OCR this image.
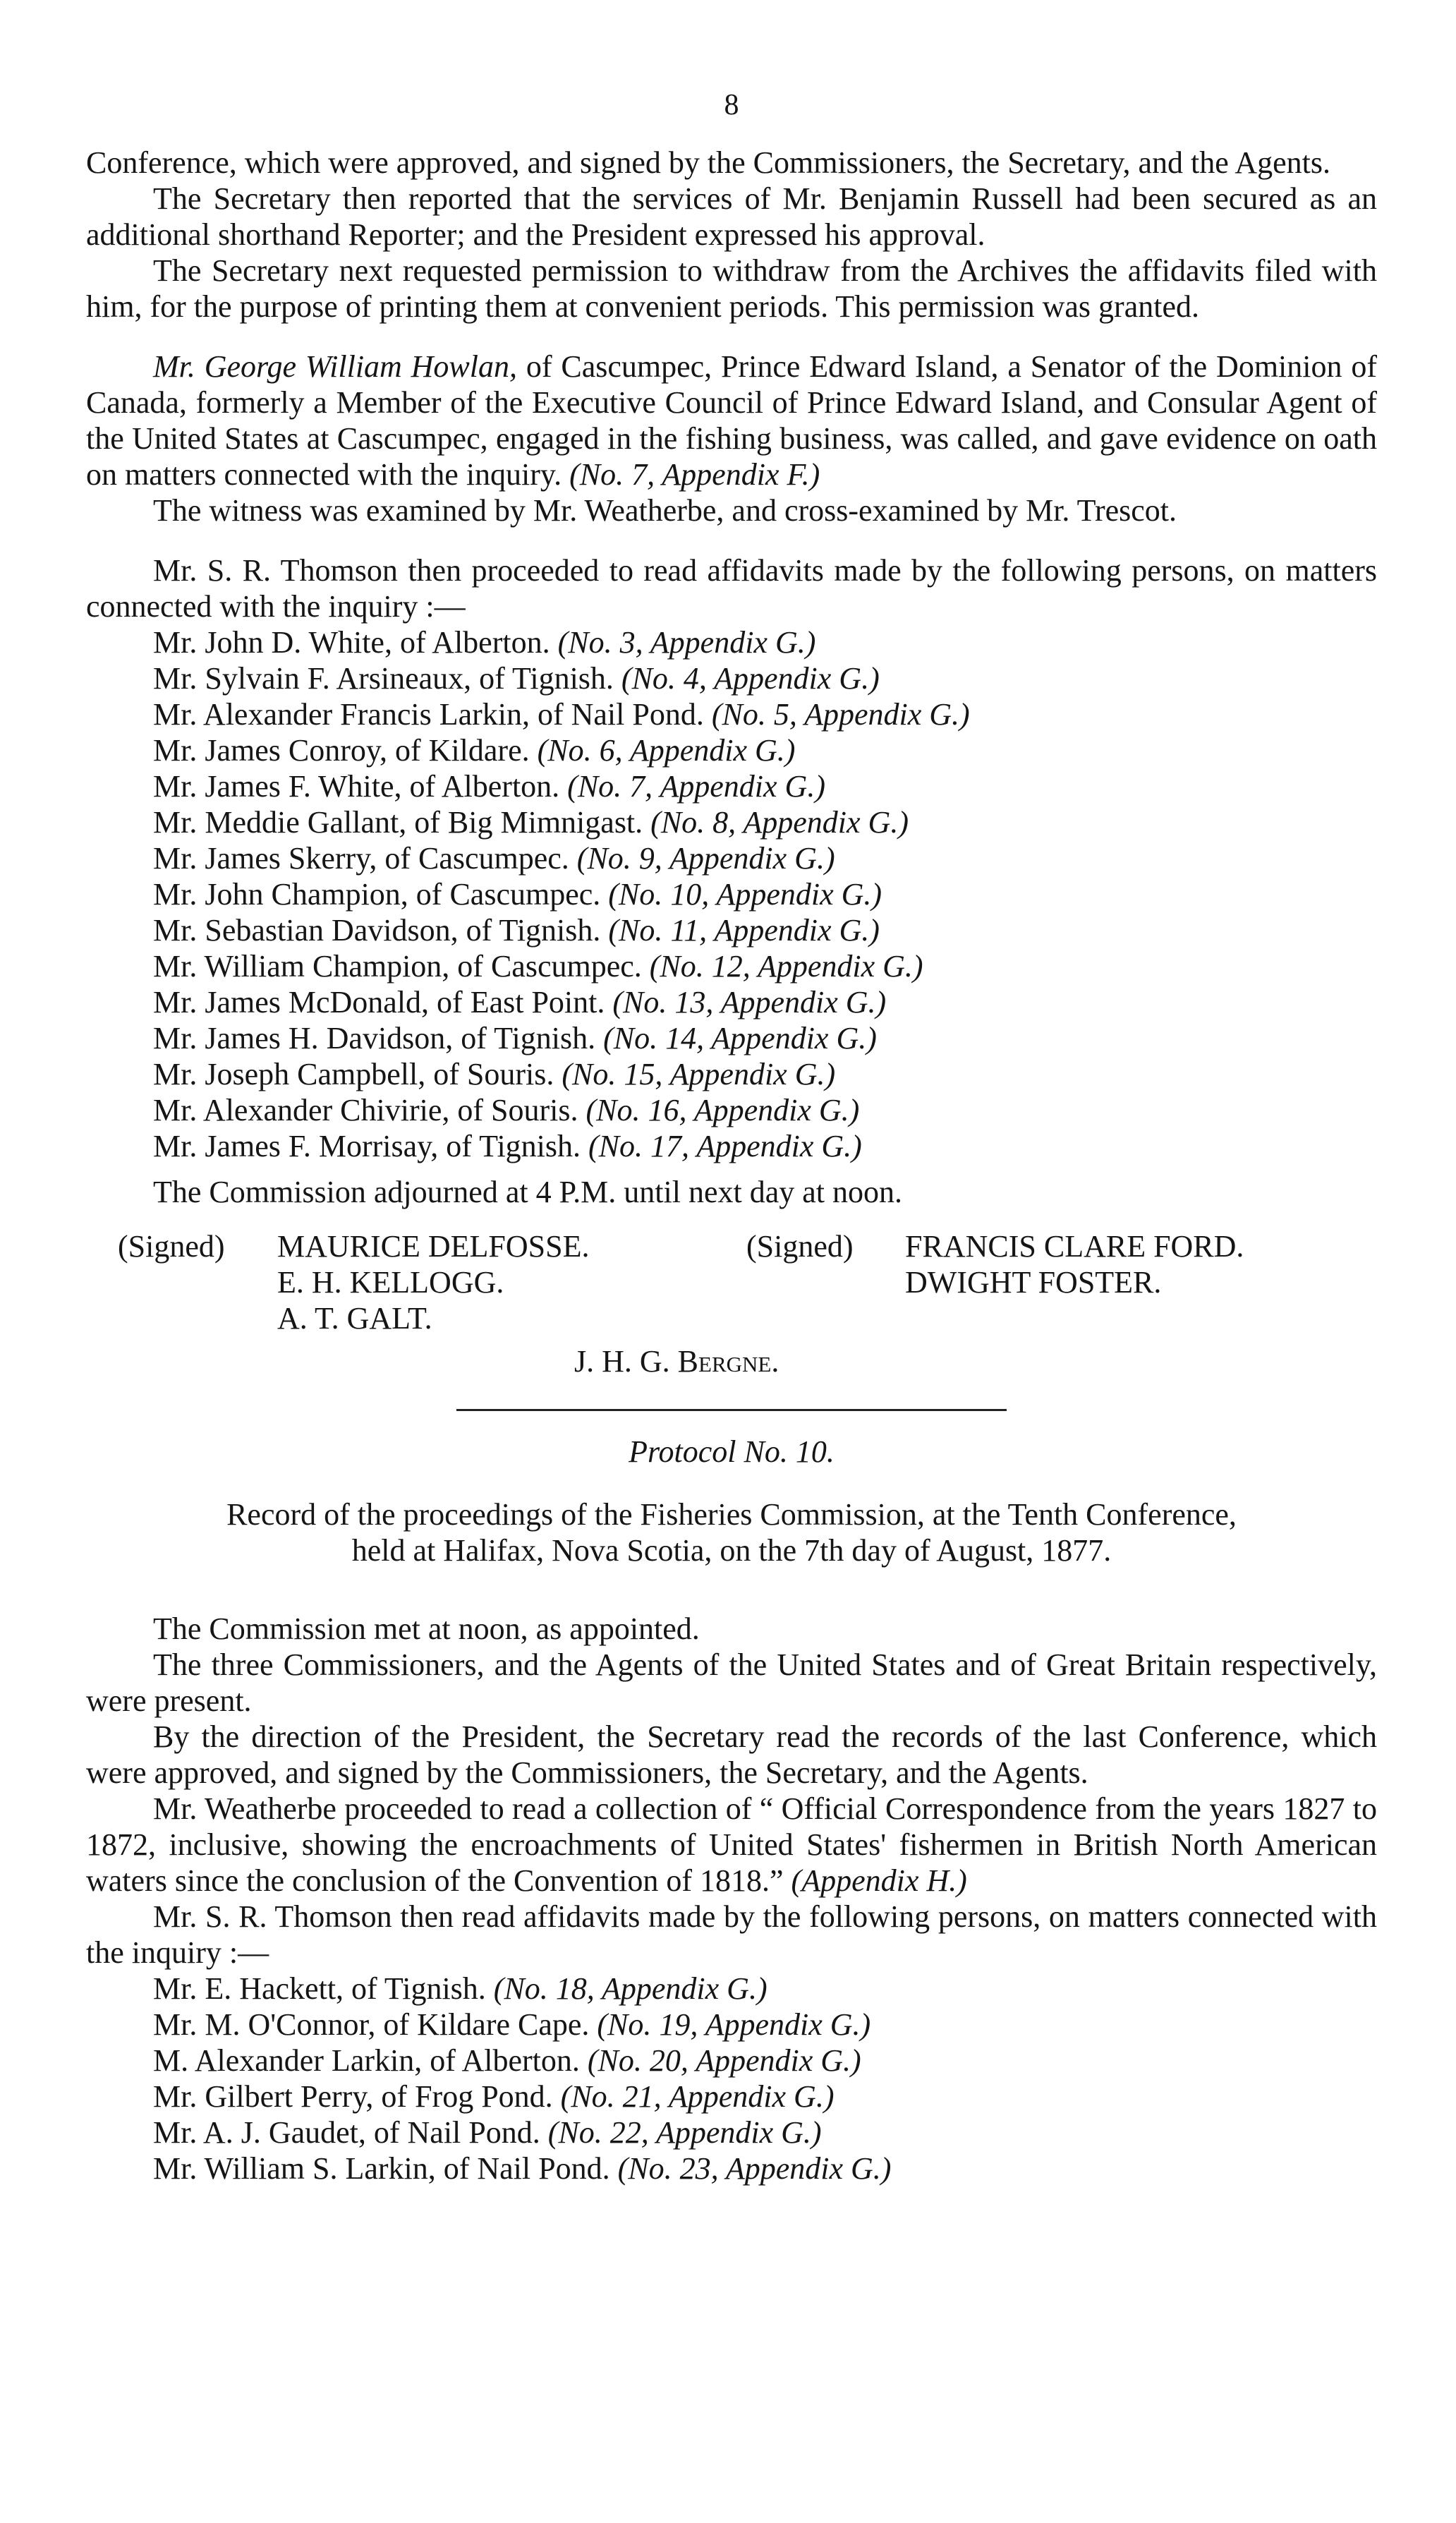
8

Conference, which were approved, and signed by the Commissioners, the Secretary, and the Agents.

The Secretary then reported that the services of Mr. Benjamin Russell had been secured as an additional shorthand Reporter; and the President expressed his approval.

The Secretary next requested permission to withdraw from the Archives the affidavits filed with him, for the purpose of printing them at convenient periods. This permission was granted.

Mr. George William Howlan, of Cascumpec, Prince Edward Island, a Senator of the Dominion of Canada, formerly a Member of the Executive Council of Prince Edward Island, and Consular Agent of the United States at Cascumpec, engaged in the fishing business, was called, and gave evidence on oath on matters connected with the inquiry. (No. 7, Appendix F.)

The witness was examined by Mr. Weatherbe, and cross-examined by Mr. Trescot.

Mr. S. R. Thomson then proceeded to read affidavits made by the following persons, on matters connected with the inquiry :—

Mr. John D. White, of Alberton. (No. 3, Appendix G.)
Mr. Sylvain F. Arsineaux, of Tignish. (No. 4, Appendix G.)
Mr. Alexander Francis Larkin, of Nail Pond. (No. 5, Appendix G.)
Mr. James Conroy, of Kildare. (No. 6, Appendix G.)
Mr. James F. White, of Alberton. (No. 7, Appendix G.)
Mr. Meddie Gallant, of Big Mimnigast. (No. 8, Appendix G.)
Mr. James Skerry, of Cascumpec. (No. 9, Appendix G.)
Mr. John Champion, of Cascumpec. (No. 10, Appendix G.)
Mr. Sebastian Davidson, of Tignish. (No. 11, Appendix G.)
Mr. William Champion, of Cascumpec. (No. 12, Appendix G.)
Mr. James McDonald, of East Point. (No. 13, Appendix G.)
Mr. James H. Davidson, of Tignish. (No. 14, Appendix G.)
Mr. Joseph Campbell, of Souris. (No. 15, Appendix G.)
Mr. Alexander Chivirie, of Souris. (No. 16, Appendix G.)
Mr. James F. Morrisay, of Tignish. (No. 17, Appendix G.)

The Commission adjourned at 4 P.M. until next day at noon.

(Signed)	MAURICE DELFOSSE.	(Signed)	FRANCIS CLARE FORD.
	E. H. KELLOGG.		DWIGHT FOSTER.
	A. T. GALT.		
J. H. G. Bergne.
Protocol No. 10.
Record of the proceedings of the Fisheries Commission, at the Tenth Conference,
held at Halifax, Nova Scotia, on the 7th day of August, 1877.

The Commission met at noon, as appointed.

The three Commissioners, and the Agents of the United States and of Great Britain respectively, were present.

By the direction of the President, the Secretary read the records of the last Conference, which were approved, and signed by the Commissioners, the Secretary, and the Agents.

Mr. Weatherbe proceeded to read a collection of “ Official Correspondence from the years 1827 to 1872, inclusive, showing the encroachments of United States' fishermen in British North American waters since the conclusion of the Convention of 1818.” (Appendix H.)

Mr. S. R. Thomson then read affidavits made by the following persons, on matters connected with the inquiry :—

Mr. E. Hackett, of Tignish. (No. 18, Appendix G.)
Mr. M. O'Connor, of Kildare Cape. (No. 19, Appendix G.)
M. Alexander Larkin, of Alberton. (No. 20, Appendix G.)
Mr. Gilbert Perry, of Frog Pond. (No. 21, Appendix G.)
Mr. A. J. Gaudet, of Nail Pond. (No. 22, Appendix G.)
Mr. William S. Larkin, of Nail Pond. (No. 23, Appendix G.)
